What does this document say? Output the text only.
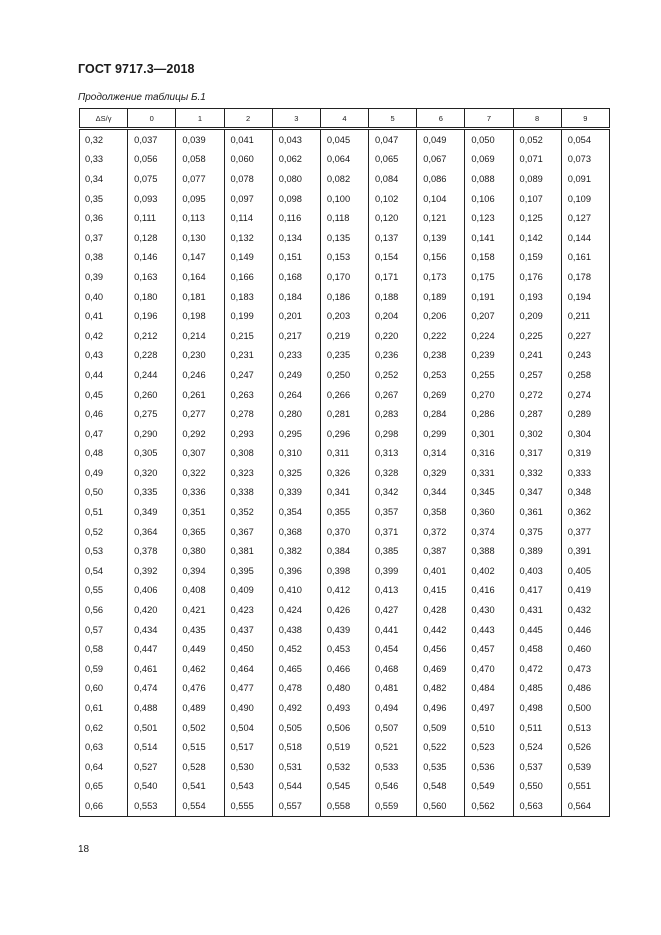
ГОСТ 9717.3—2018
Продолжение таблицы Б.1
ΔS/γ	0	1	2	3	4	5	6	7	8	9
0,32	0,037	0,039	0,041	0,043	0,045	0,047	0,049	0,050	0,052	0,054
0,33	0,056	0,058	0,060	0,062	0,064	0,065	0,067	0,069	0,071	0,073
0,34	0,075	0,077	0,078	0,080	0,082	0,084	0,086	0,088	0,089	0,091
0,35	0,093	0,095	0,097	0,098	0,100	0,102	0,104	0,106	0,107	0,109
0,36	0,111	0,113	0,114	0,116	0,118	0,120	0,121	0,123	0,125	0,127
0,37	0,128	0,130	0,132	0,134	0,135	0,137	0,139	0,141	0,142	0,144
0,38	0,146	0,147	0,149	0,151	0,153	0,154	0,156	0,158	0,159	0,161
0,39	0,163	0,164	0,166	0,168	0,170	0,171	0,173	0,175	0,176	0,178
0,40	0,180	0,181	0,183	0,184	0,186	0,188	0,189	0,191	0,193	0,194
0,41	0,196	0,198	0,199	0,201	0,203	0,204	0,206	0,207	0,209	0,211
0,42	0,212	0,214	0,215	0,217	0,219	0,220	0,222	0,224	0,225	0,227
0,43	0,228	0,230	0,231	0,233	0,235	0,236	0,238	0,239	0,241	0,243
0,44	0,244	0,246	0,247	0,249	0,250	0,252	0,253	0,255	0,257	0,258
0,45	0,260	0,261	0,263	0,264	0,266	0,267	0,269	0,270	0,272	0,274
0,46	0,275	0,277	0,278	0,280	0,281	0,283	0,284	0,286	0,287	0,289
0,47	0,290	0,292	0,293	0,295	0,296	0,298	0,299	0,301	0,302	0,304
0,48	0,305	0,307	0,308	0,310	0,311	0,313	0,314	0,316	0,317	0,319
0,49	0,320	0,322	0,323	0,325	0,326	0,328	0,329	0,331	0,332	0,333
0,50	0,335	0,336	0,338	0,339	0,341	0,342	0,344	0,345	0,347	0,348
0,51	0,349	0,351	0,352	0,354	0,355	0,357	0,358	0,360	0,361	0,362
0,52	0,364	0,365	0,367	0,368	0,370	0,371	0,372	0,374	0,375	0,377
0,53	0,378	0,380	0,381	0,382	0,384	0,385	0,387	0,388	0,389	0,391
0,54	0,392	0,394	0,395	0,396	0,398	0,399	0,401	0,402	0,403	0,405
0,55	0,406	0,408	0,409	0,410	0,412	0,413	0,415	0,416	0,417	0,419
0,56	0,420	0,421	0,423	0,424	0,426	0,427	0,428	0,430	0,431	0,432
0,57	0,434	0,435	0,437	0,438	0,439	0,441	0,442	0,443	0,445	0,446
0,58	0,447	0,449	0,450	0,452	0,453	0,454	0,456	0,457	0,458	0,460
0,59	0,461	0,462	0,464	0,465	0,466	0,468	0,469	0,470	0,472	0,473
0,60	0,474	0,476	0,477	0,478	0,480	0,481	0,482	0,484	0,485	0,486
0,61	0,488	0,489	0,490	0,492	0,493	0,494	0,496	0,497	0,498	0,500
0,62	0,501	0,502	0,504	0,505	0,506	0,507	0,509	0,510	0,511	0,513
0,63	0,514	0,515	0,517	0,518	0,519	0,521	0,522	0,523	0,524	0,526
0,64	0,527	0,528	0,530	0,531	0,532	0,533	0,535	0,536	0,537	0,539
0,65	0,540	0,541	0,543	0,544	0,545	0,546	0,548	0,549	0,550	0,551
0,66	0,553	0,554	0,555	0,557	0,558	0,559	0,560	0,562	0,563	0,564
18
